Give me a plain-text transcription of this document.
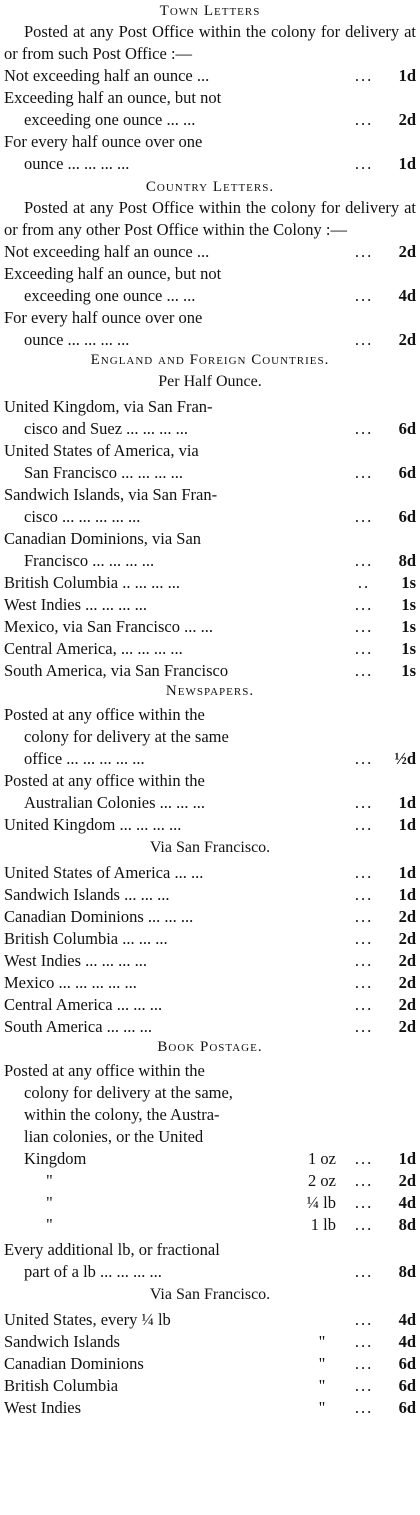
Town Letters

Posted at any Post Office within the colony for delivery at or from such Post Office :—

Not exceeding half an ounce ...	...	1d
Exceeding half an ounce, but not
exceeding one ounce ... ...	...	2d
For every half ounce over one
ounce ... ... ... ...	...	1d
Country Letters.

Posted at any Post Office within the colony for delivery at or from any other Post Office within the Colony :—

Not exceeding half an ounce ...	...	2d
Exceeding half an ounce, but not
exceeding one ounce ... ...	...	4d
For every half ounce over one
ounce ... ... ... ...	...	2d
England and Foreign Countries.
Per Half Ounce.
United Kingdom, via San Fran-
cisco and Suez ... ... ... ...	...	6d
United States of America, via
San Francisco ... ... ... ...	...	6d
Sandwich Islands, via San Fran-
cisco ... ... ... ... ...	...	6d
Canadian Dominions, via San
Francisco ... ... ... ...	...	8d
British Columbia .. ... ... ...	..	1s
West Indies ... ... ... ...	...	1s
Mexico, via San Francisco ... ...	...	1s
Central America, ... ... ... ...	...	1s
South America, via San Francisco	...	1s
Newspapers.
Posted at any office within the
colony for delivery at the same
office ... ... ... ... ...	...	½d
Posted at any office within the
Australian Colonies ... ... ...	...	1d
United Kingdom ... ... ... ...	...	1d
Via San Francisco.
United States of America ... ...	...	1d
Sandwich Islands ... ... ...	...	1d
Canadian Dominions ... ... ...	...	2d
British Columbia ... ... ...	...	2d
West Indies ... ... ... ...	...	2d
Mexico ... ... ... ... ...	...	2d
Central America ... ... ...	...	2d
South America ... ... ...	...	2d
Book Postage.
Posted at any office within the
colony for delivery at the same,
within the colony, the Austra-
lian colonies, or the United
Kingdom	1 oz	...	1d
"	2 oz	...	2d
"	¼ lb	...	4d
"	1 lb	...	8d
Every additional lb, or fractional
part of a lb ... ... ... ...	...	8d
Via San Francisco.
United States, every ¼ lb	...	4d
Sandwich Islands	"	...	4d
Canadian Dominions	"	...	6d
British Columbia	"	...	6d
West Indies	"	...	6d
